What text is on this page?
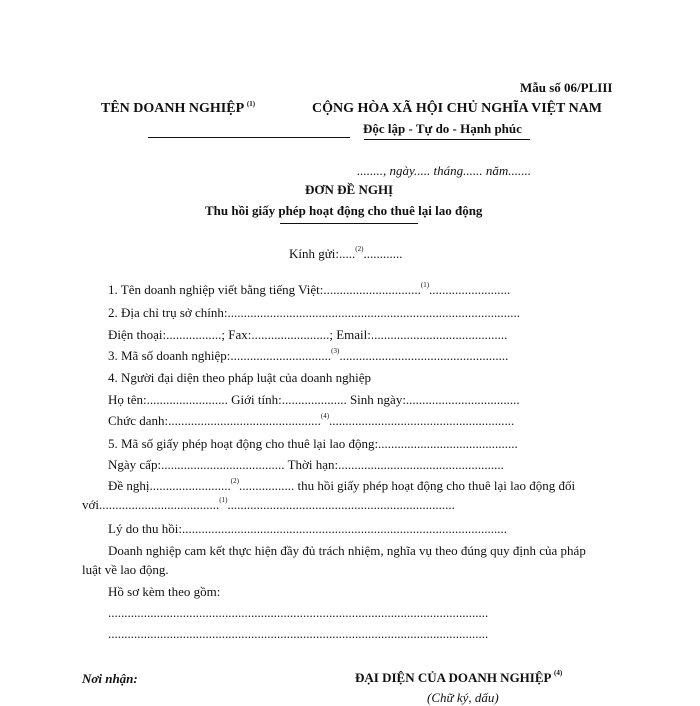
Mẫu số 06/PLIII
TÊN DOANH NGHIỆP $^{(1)}$	CỘNG HÒA XÃ HỘI CHỦ NGHĨA VIỆT NAM
Độc lập - Tự do - Hạnh phúc
........, ngày..... tháng...... năm.......
ĐƠN ĐỀ NGHỊ
Thu hồi giấy phép hoạt động cho thuê lại lao động
Kính gửi:.....$^{(2)}$............
1. Tên doanh nghiệp viết bằng tiếng Việt:..............................$^{(1)}$.........................
2. Địa chỉ trụ sở chính:..........................................................................................
Điện thoại:.................; Fax:........................; Email:..........................................
3. Mã số doanh nghiệp:...............................$^{(3)}$....................................................
4. Người đại diện theo pháp luật của doanh nghiệp
Họ tên:......................... Giới tính:.................... Sinh ngày:...................................
Chức danh:...............................................$^{(4)}$.........................................................
5. Mã số giấy phép hoạt động cho thuê lại lao động:...........................................
Ngày cấp:...................................... Thời hạn:...................................................
Đề nghị.........................$^{(2)}$................. thu hồi giấy phép hoạt động cho thuê lại lao động đối
với.....................................$^{(1)}$......................................................................
Lý do thu hồi:....................................................................................................
Doanh nghiệp cam kết thực hiện đầy đủ trách nhiệm, nghĩa vụ theo đúng quy định của pháp
luật về lao động.
Hồ sơ kèm theo gồm:
.....................................................................................................................
.....................................................................................................................
Nơi nhận:	ĐẠI DIỆN CỦA DOANH NGHIỆP $^{(4)}$
(Chữ ký, dấu)
